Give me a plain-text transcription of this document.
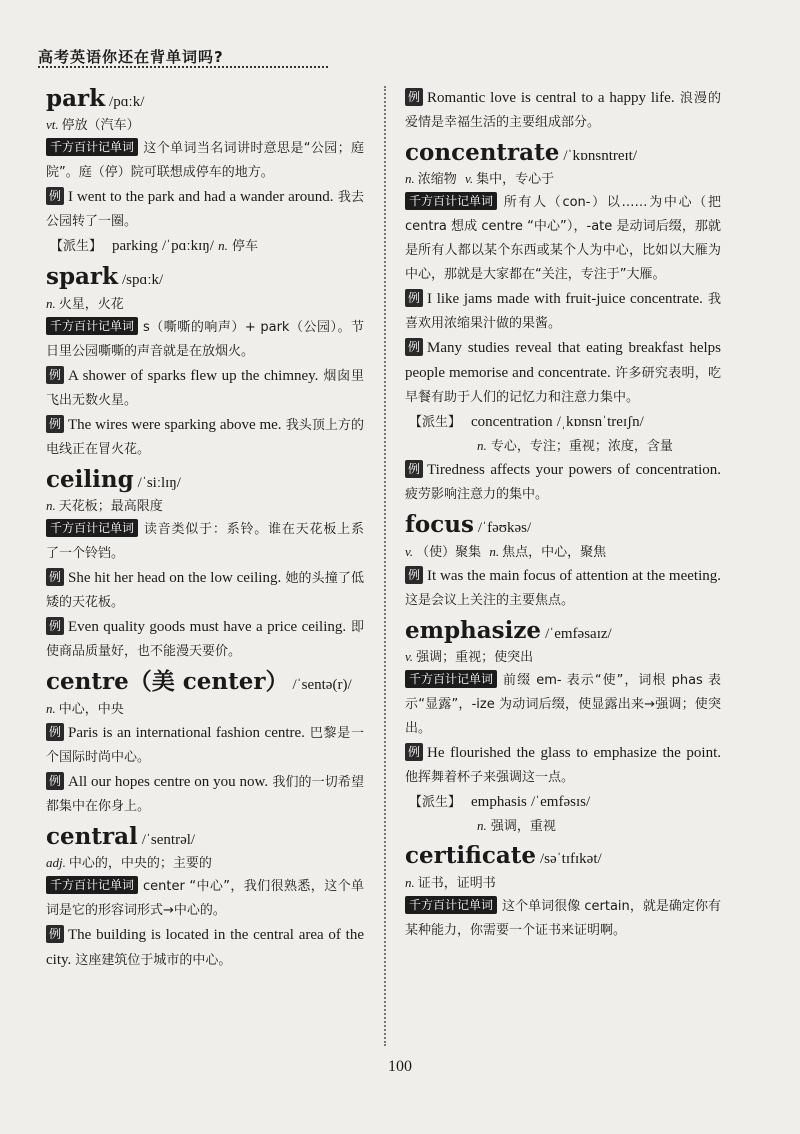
高考英语你还在背单词吗?
park /pɑːk/
vt. 停放（汽车）
千方百计记单词 这个单词当名词讲时意思是“公园；庭院”。庭（停）院可联想成停车的地方。
例 I went to the park and had a wander around. 我去公园转了一圈。
【派生】 parking /ˈpɑːkɪŋ/ n. 停车
spark /spɑːk/
n. 火星，火花
千方百计记单词 s（嘶嘶的响声）+ park（公园）。节日里公园嘶嘶的声音就是在放烟火。
例 A shower of sparks flew up the chimney. 烟囱里飞出无数火星。
例 The wires were sparking above me. 我头顶上方的电线正在冒火花。
ceiling /ˈsiːlɪŋ/
n. 天花板；最高限度
千方百计记单词 读音类似于：系铃。谁在天花板上系了一个铃铛。
例 She hit her head on the low ceiling. 她的头撞了低矮的天花板。
例 Even quality goods must have a price ceiling. 即使商品质量好，也不能漫天要价。
centre（美 center） /ˈsentə(r)/
n. 中心，中央
例 Paris is an international fashion centre. 巴黎是一个国际时尚中心。
例 All our hopes centre on you now. 我们的一切希望都集中在你身上。
central /ˈsentrəl/
adj. 中心的，中央的；主要的
千方百计记单词 center “中心”，我们很熟悉，这个单词是它的形容词形式→中心的。
例 The building is located in the central area of the city. 这座建筑位于城市的中心。
例 Romantic love is central to a happy life. 浪漫的爱情是幸福生活的主要组成部分。
concentrate /ˈkɒnsntreɪt/
n. 浓缩物 v. 集中，专心于
千方百计记单词 所有人（con-）以……为中心（把 centra 想成 centre “中心”），-ate 是动词后缀，那就是所有人都以某个东西或某个人为中心，比如以大雁为中心，那就是大家都在“关注，专注于”大雁。
例 I like jams made with fruit-juice concentrate. 我喜欢用浓缩果汁做的果酱。
例 Many studies reveal that eating breakfast helps people memorise and concentrate. 许多研究表明，吃早餐有助于人们的记忆力和注意力集中。
【派生】 concentration /ˌkɒnsnˈtreɪʃn/
n. 专心，专注；重视；浓度，含量
例 Tiredness affects your powers of concentration. 疲劳影响注意力的集中。
focus /ˈfəʊkəs/
v. （使）聚集 n. 焦点，中心，聚焦
例 It was the main focus of attention at the meeting. 这是会议上关注的主要焦点。
emphasize /ˈemfəsaɪz/
v. 强调；重视；使突出
千方百计记单词 前缀 em- 表示“使”，词根 phas 表示“显露”，-ize 为动词后缀，使显露出来→强调；使突出。
例 He flourished the glass to emphasize the point. 他挥舞着杯子来强调这一点。
【派生】 emphasis /ˈemfəsɪs/
n. 强调，重视
certificate /səˈtɪfɪkət/
n. 证书，证明书
千方百计记单词 这个单词很像 certain，就是确定你有某种能力，你需要一个证书来证明啊。
100
